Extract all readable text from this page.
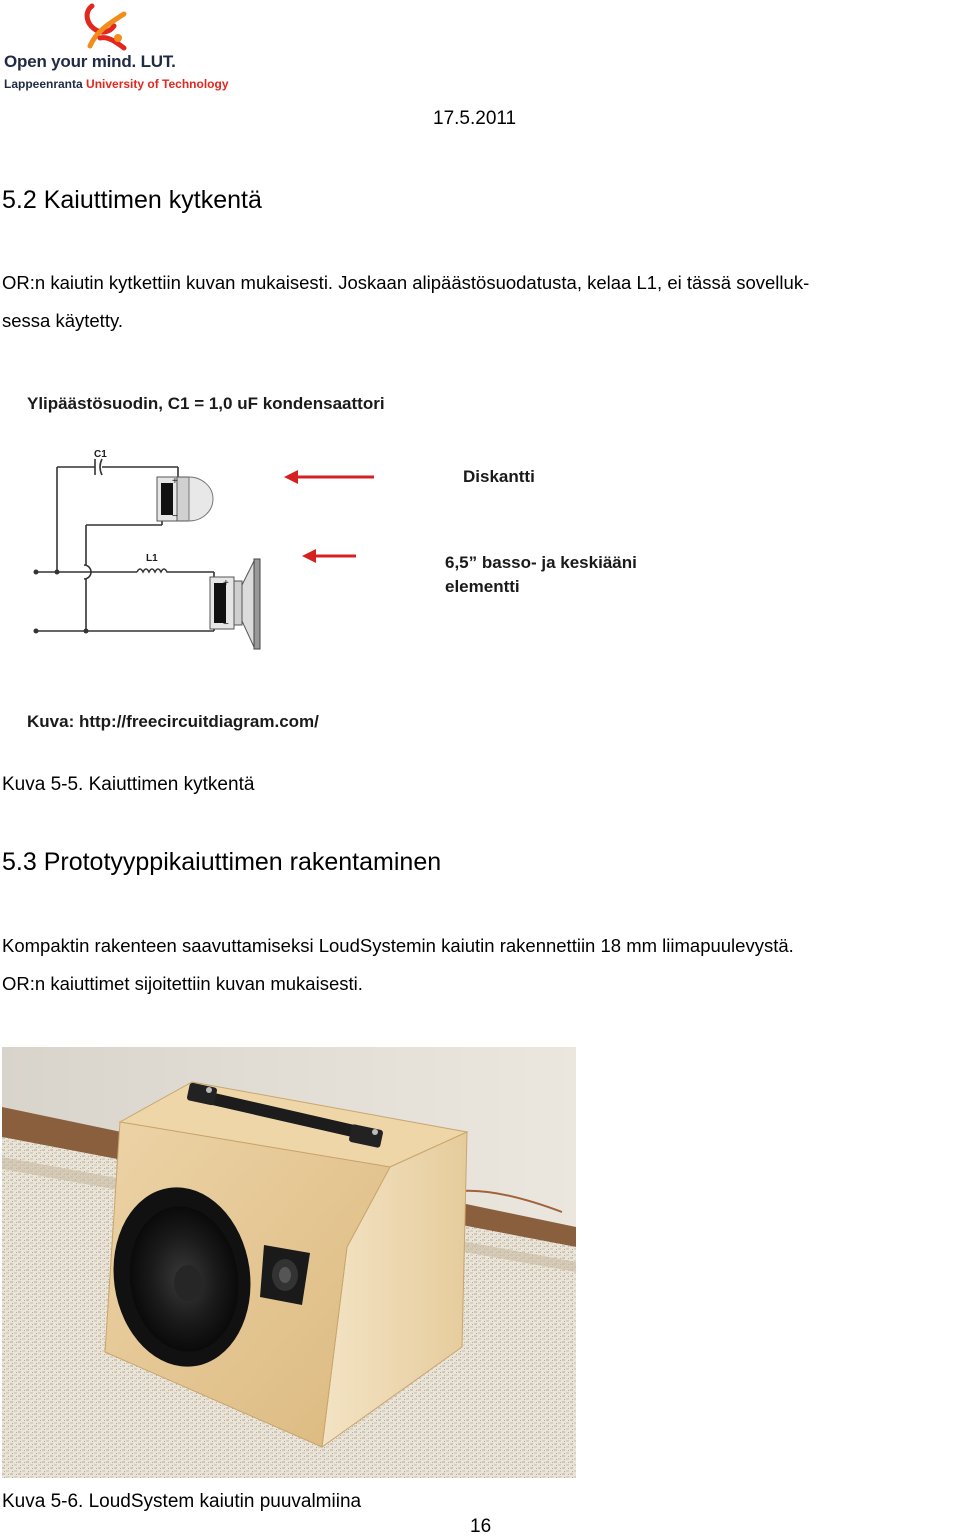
Open your mind. LUT.
Lappeenranta University of Technology
17.5.2011
5.2 Kaiuttimen kytkentä
OR:n kaiutin kytkettiin kuvan mukaisesti. Joskaan alipäästösuodatusta, kelaa L1, ei tässä sovelluk-
sessa käytetty.
Ylipäästösuodin, C1 = 1,0 uF kondensaattori
C1
L1
+
−
+
−
Diskantti
6,5” basso- ja keskiääni
elementti
Kuva: http://freecircuitdiagram.com/
Kuva 5-5. Kaiuttimen kytkentä
5.3 Prototyyppikaiuttimen rakentaminen
Kompaktin rakenteen saavuttamiseksi LoudSystemin kaiutin rakennettiin 18 mm liimapuulevystä.
OR:n kaiuttimet sijoitettiin kuvan mukaisesti.
Kuva 5-6. LoudSystem kaiutin puuvalmiina
16
